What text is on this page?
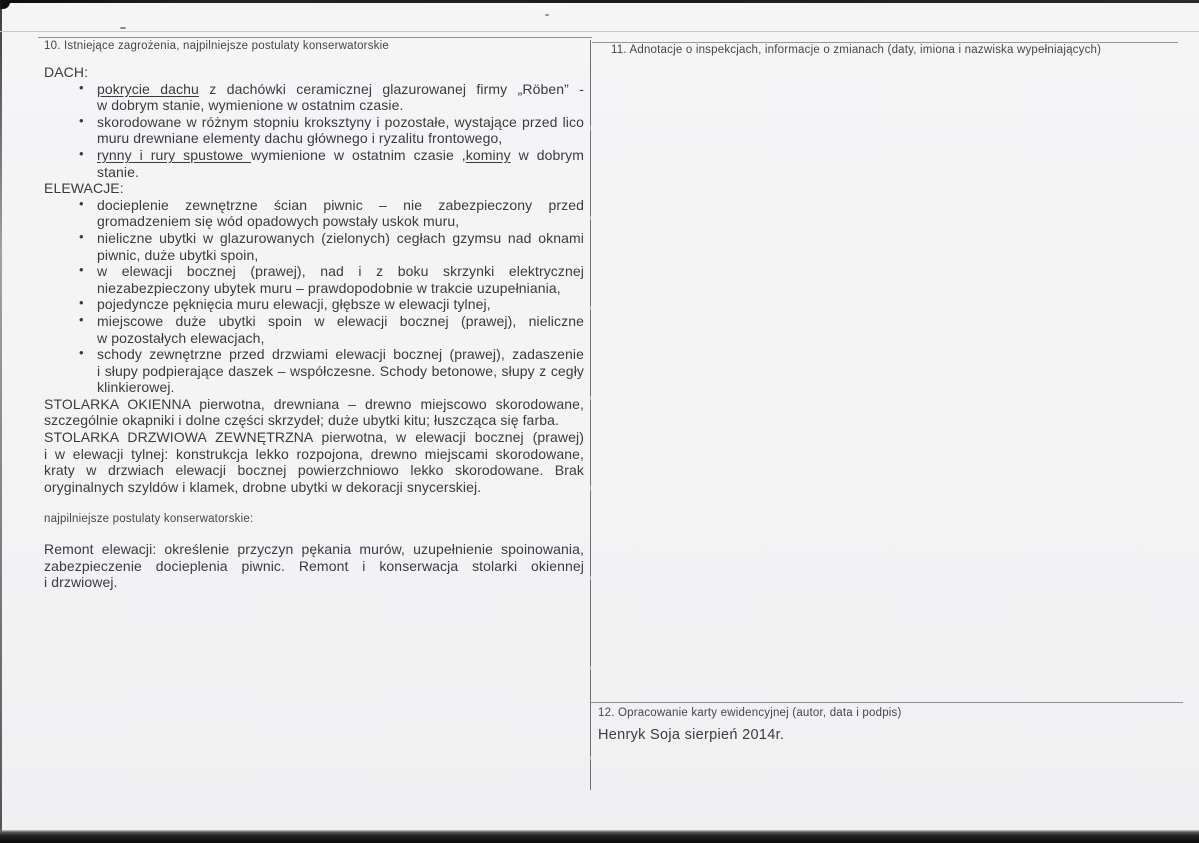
10. Istniejące zagrożenia, najpilniejsze postulaty konserwatorskie
DACH:
• pokrycie dachu z dachówki ceramicznej glazurowanej firmy „Röben” -
w dobrym stanie, wymienione w ostatnim czasie.
• skorodowane w różnym stopniu kroksztyny i pozostałe, wystające przed lico
muru drewniane elementy dachu głównego i ryzalitu frontowego,
• rynny i rury spustowe wymienione w ostatnim czasie ,kominy w dobrym
stanie.
ELEWACJE:
• docieplenie zewnętrzne ścian piwnic – nie zabezpieczony przed
gromadzeniem się wód opadowych powstały uskok muru,
• nieliczne ubytki w glazurowanych (zielonych) cegłach gzymsu nad oknami
piwnic, duże ubytki spoin,
• w elewacji bocznej (prawej), nad i z boku skrzynki elektrycznej
niezabezpieczony ubytek muru – prawdopodobnie w trakcie uzupełniania,
• pojedyncze pęknięcia muru elewacji, głębsze w elewacji tylnej,
• miejscowe duże ubytki spoin w elewacji bocznej (prawej), nieliczne
w pozostałych elewacjach,
• schody zewnętrzne przed drzwiami elewacji bocznej (prawej), zadaszenie
i słupy podpierające daszek – współczesne. Schody betonowe, słupy z cegły
klinkierowej.
STOLARKA OKIENNA pierwotna, drewniana – drewno miejscowo skorodowane,
szczególnie okapniki i dolne części skrzydeł; duże ubytki kitu; łuszcząca się farba.
STOLARKA DRZWIOWA ZEWNĘTRZNA pierwotna, w elewacji bocznej (prawej)
i w elewacji tylnej: konstrukcja lekko rozpojona, drewno miejscami skorodowane,
kraty w drzwiach elewacji bocznej powierzchniowo lekko skorodowane. Brak
oryginalnych szyldów i klamek, drobne ubytki w dekoracji snycerskiej.
najpilniejsze postulaty konserwatorskie:
Remont elewacji: określenie przyczyn pękania murów, uzupełnienie spoinowania,
zabezpieczenie docieplenia piwnic. Remont i konserwacja stolarki okiennej
i drzwiowej.
11. Adnotacje o inspekcjach, informacje o zmianach (daty, imiona i nazwiska wypełniających)
12. Opracowanie karty ewidencyjnej (autor, data i podpis)
Henryk Soja sierpień 2014r.
